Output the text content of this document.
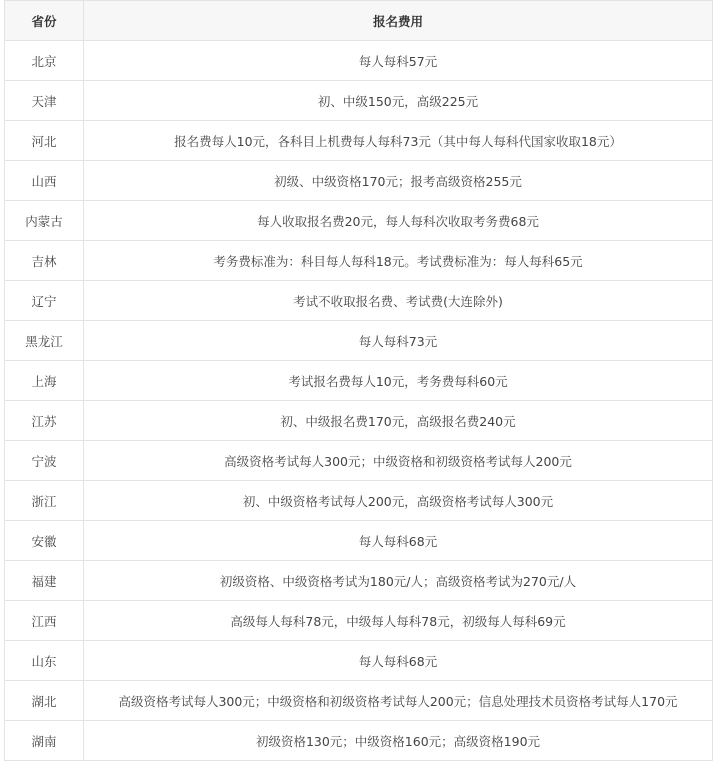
省份	报名费用
北京	每人每科57元
天津	初、中级150元，高级225元
河北	报名费每人10元，各科目上机费每人每科73元（其中每人每科代国家收取18元）
山西	初级、中级资格170元；报考高级资格255元
内蒙古	每人收取报名费20元，每人每科次收取考务费68元
吉林	考务费标准为：科目每人每科18元。考试费标准为：每人每科65元
辽宁	考试不收取报名费、考试费(大连除外)
黑龙江	每人每科73元
上海	考试报名费每人10元，考务费每科60元
江苏	初、中级报名费170元，高级报名费240元
宁波	高级资格考试每人300元；中级资格和初级资格考试每人200元
浙江	初、中级资格考试每人200元，高级资格考试每人300元
安徽	每人每科68元
福建	初级资格、中级资格考试为180元/人；高级资格考试为270元/人
江西	高级每人每科78元，中级每人每科78元，初级每人每科69元
山东	每人每科68元
湖北	高级资格考试每人300元；中级资格和初级资格考试每人200元；信息处理技术员资格考试每人170元
湖南	初级资格130元；中级资格160元；高级资格190元
